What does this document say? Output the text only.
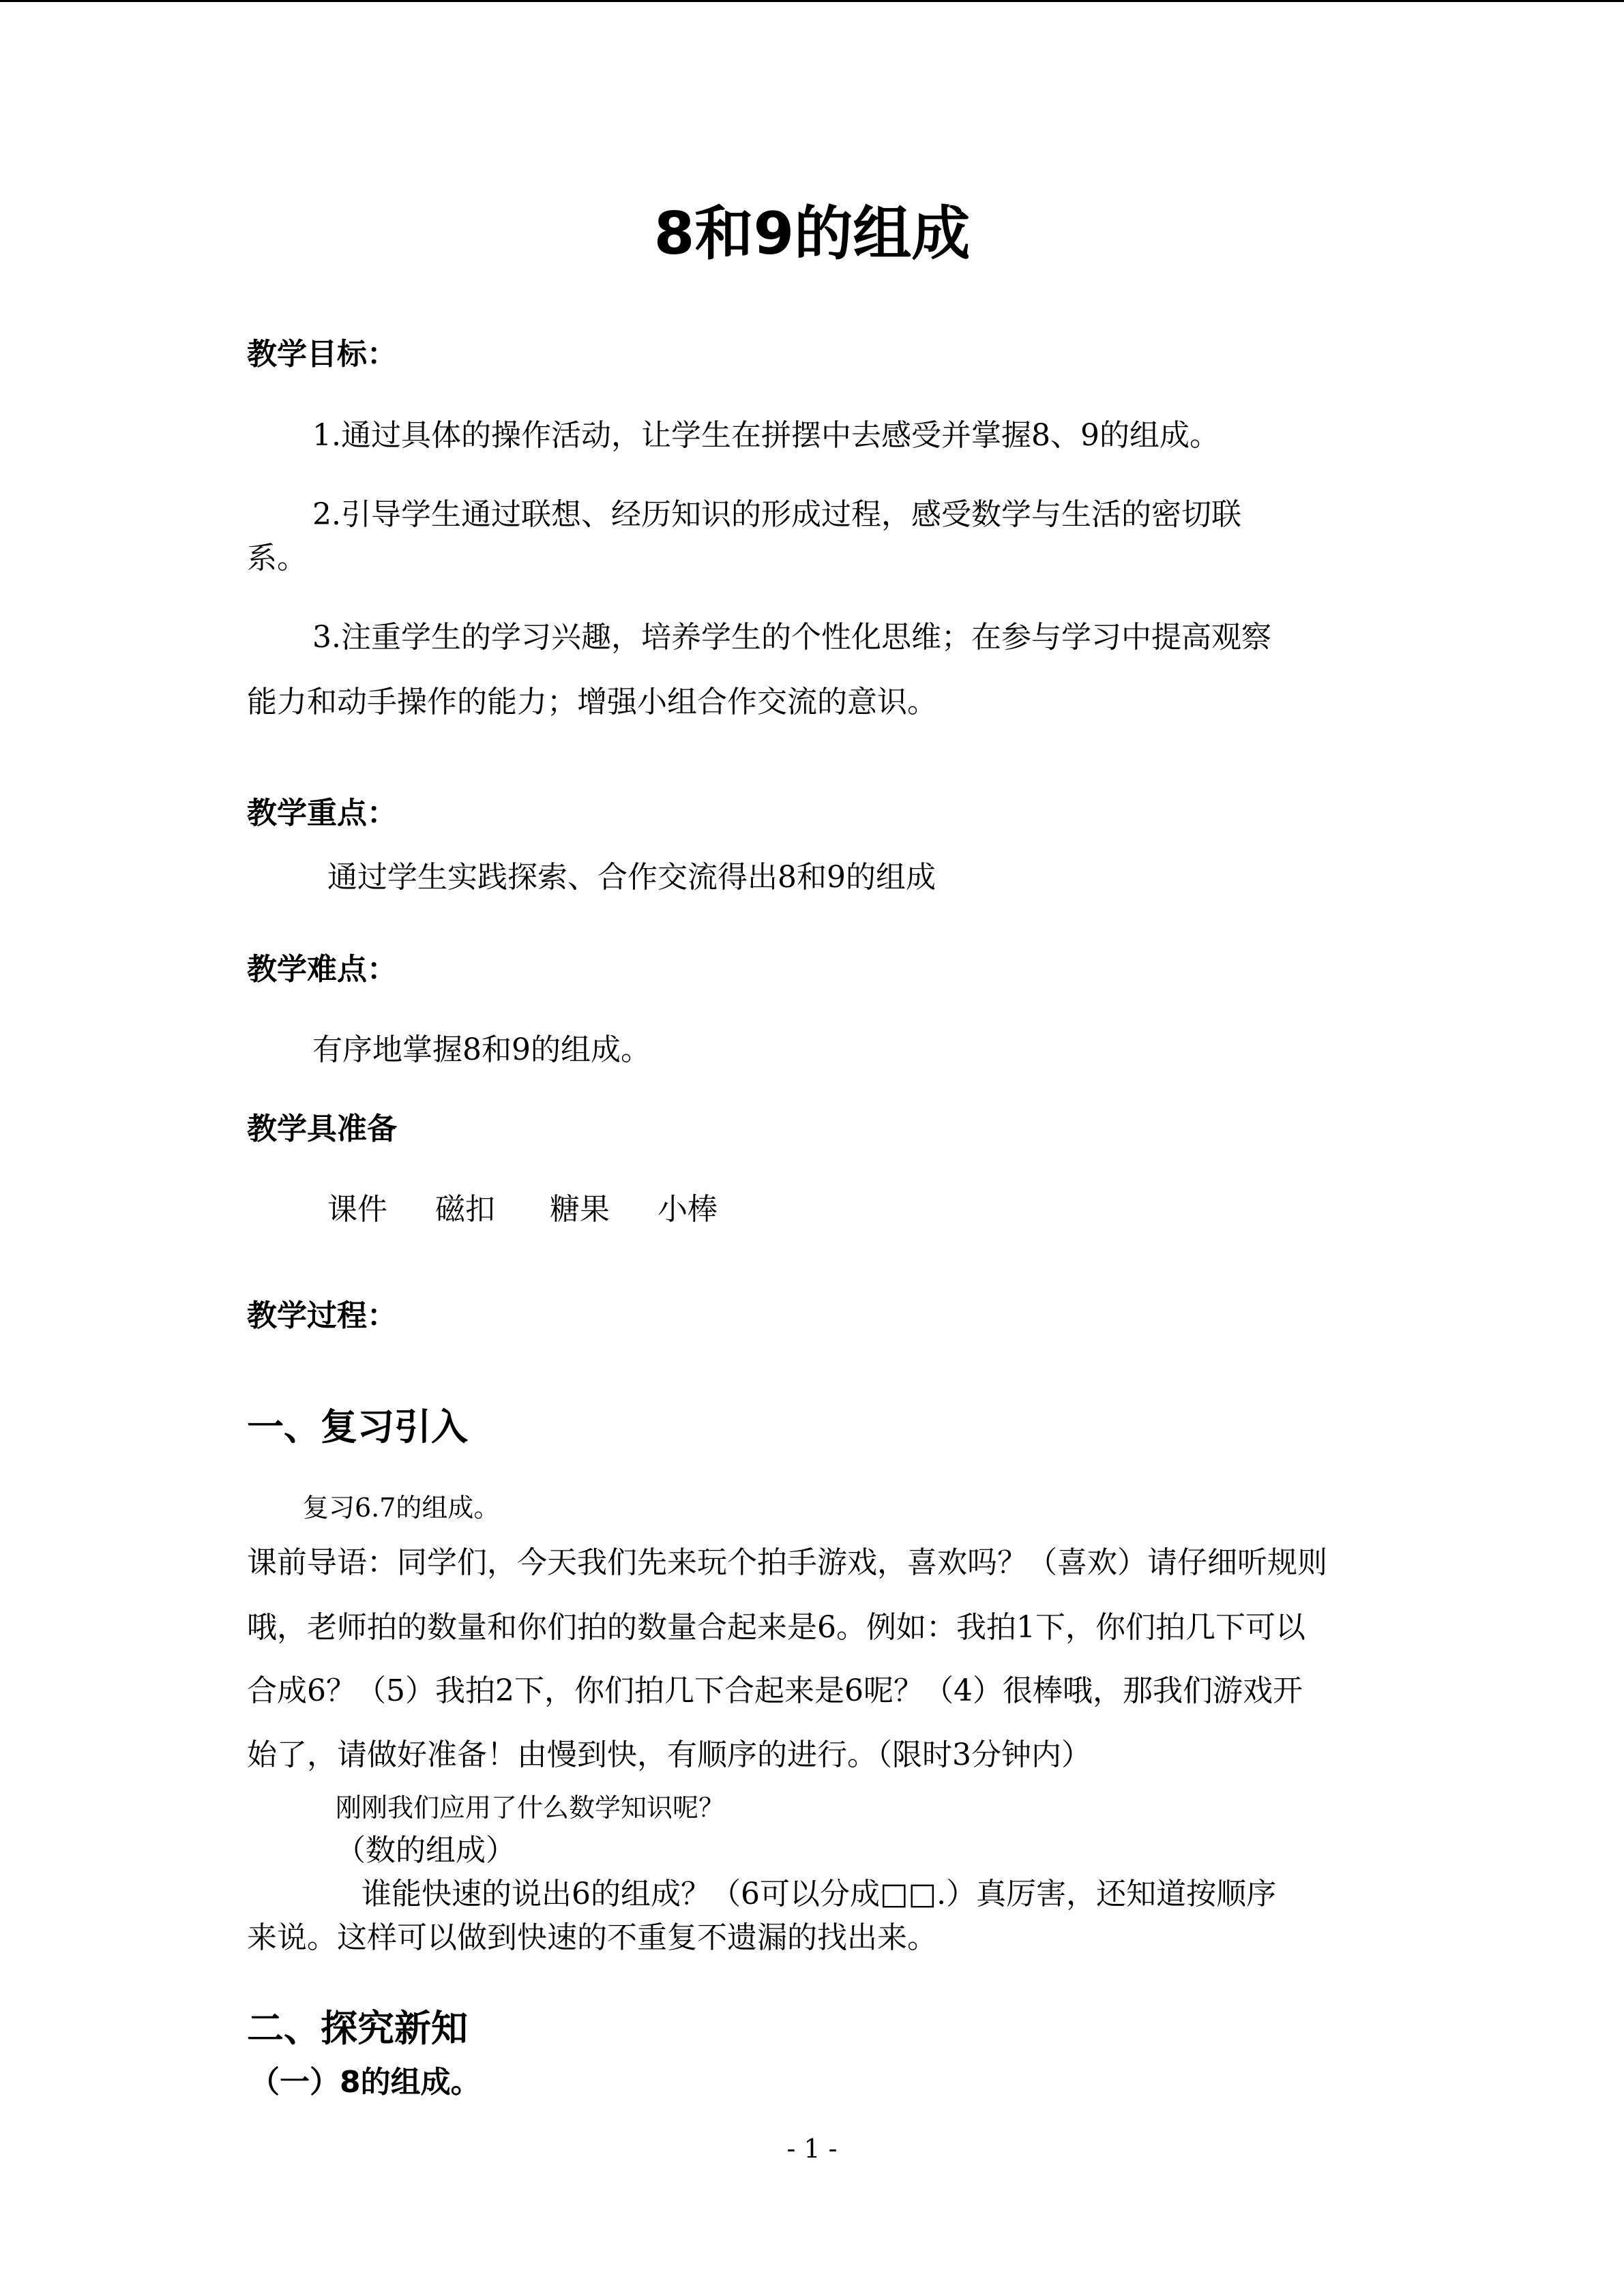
8和9的组成
教学目标：
1.通过具体的操作活动，让学生在拼摆中去感受并掌握8、9的组成。
2.引导学生通过联想、经历知识的形成过程，感受数学与生活的密切联
系。
3.注重学生的学习兴趣，培养学生的个性化思维；在参与学习中提高观察
能力和动手操作的能力；增强小组合作交流的意识。
教学重点：
通过学生实践探索、合作交流得出8和9的组成
教学难点：
有序地掌握8和9的组成。
教学具准备
课件 磁扣 糖果 小棒
教学过程：
一、复习引入
复习6.7的组成。
课前导语：同学们，今天我们先来玩个拍手游戏，喜欢吗？（喜欢）请仔细听规则
哦，老师拍的数量和你们拍的数量合起来是6。例如：我拍1下，你们拍几下可以
合成6？（5）我拍2下，你们拍几下合起来是6呢？（4）很棒哦，那我们游戏开
始了，请做好准备！由慢到快，有顺序的进行。（限时3分钟内）
刚刚我们应用了什么数学知识呢？
（数的组成）
谁能快速的说出6的组成？（6可以分成□□.）真厉害，还知道按顺序
来说。这样可以做到快速的不重复不遗漏的找出来。
二、探究新知
（一）8的组成。
- 1 -
